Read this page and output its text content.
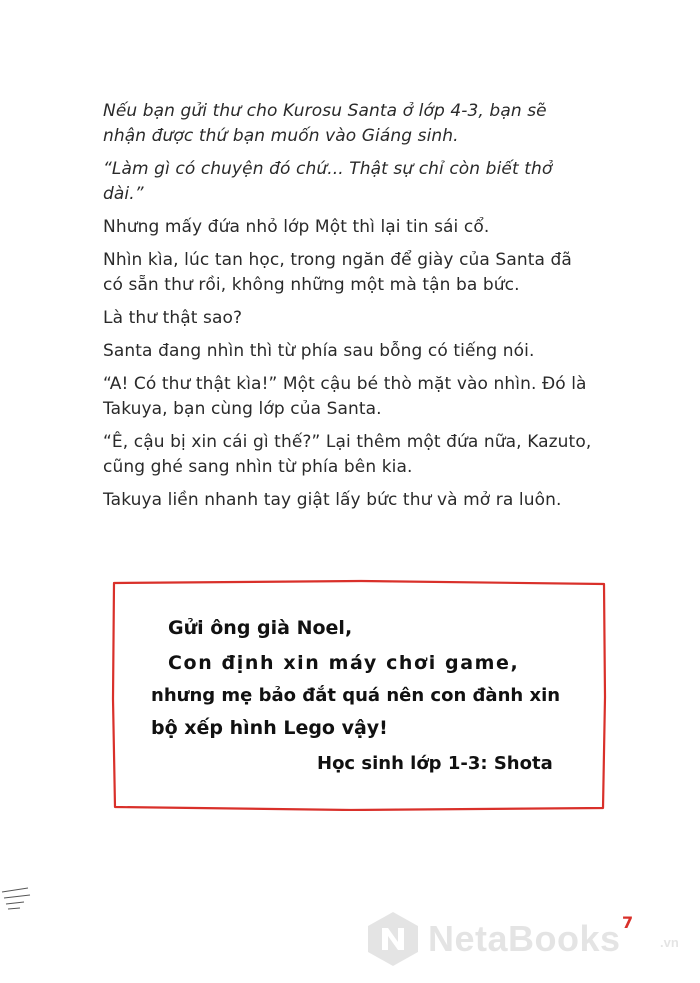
Nếu bạn gửi thư cho Kurosu Santa ở lớp 4-3, bạn sẽ nhận được thứ bạn muốn vào Giáng sinh.

“Làm gì có chuyện đó chứ... Thật sự chỉ còn biết thở dài.”

Nhưng mấy đứa nhỏ lớp Một thì lại tin sái cổ.

Nhìn kìa, lúc tan học, trong ngăn để giày của Santa đã có sẵn thư rồi, không những một mà tận ba bức.

Là thư thật sao?

Santa đang nhìn thì từ phía sau bỗng có tiếng nói.

“A! Có thư thật kìa!” Một cậu bé thò mặt vào nhìn. Đó là Takuya, bạn cùng lớp của Santa.

“Ê, cậu bị xin cái gì thế?” Lại thêm một đứa nữa, Kazuto, cũng ghé sang nhìn từ phía bên kia.

Takuya liền nhanh tay giật lấy bức thư và mở ra luôn.

Gửi ông già Noel,
Con định xin máy chơi game,
nhưng mẹ bảo đắt quá nên con đành xin
bộ xếp hình Lego vậy!
Học sinh lớp 1-3: Shota
NetaBooks	.vn
7
